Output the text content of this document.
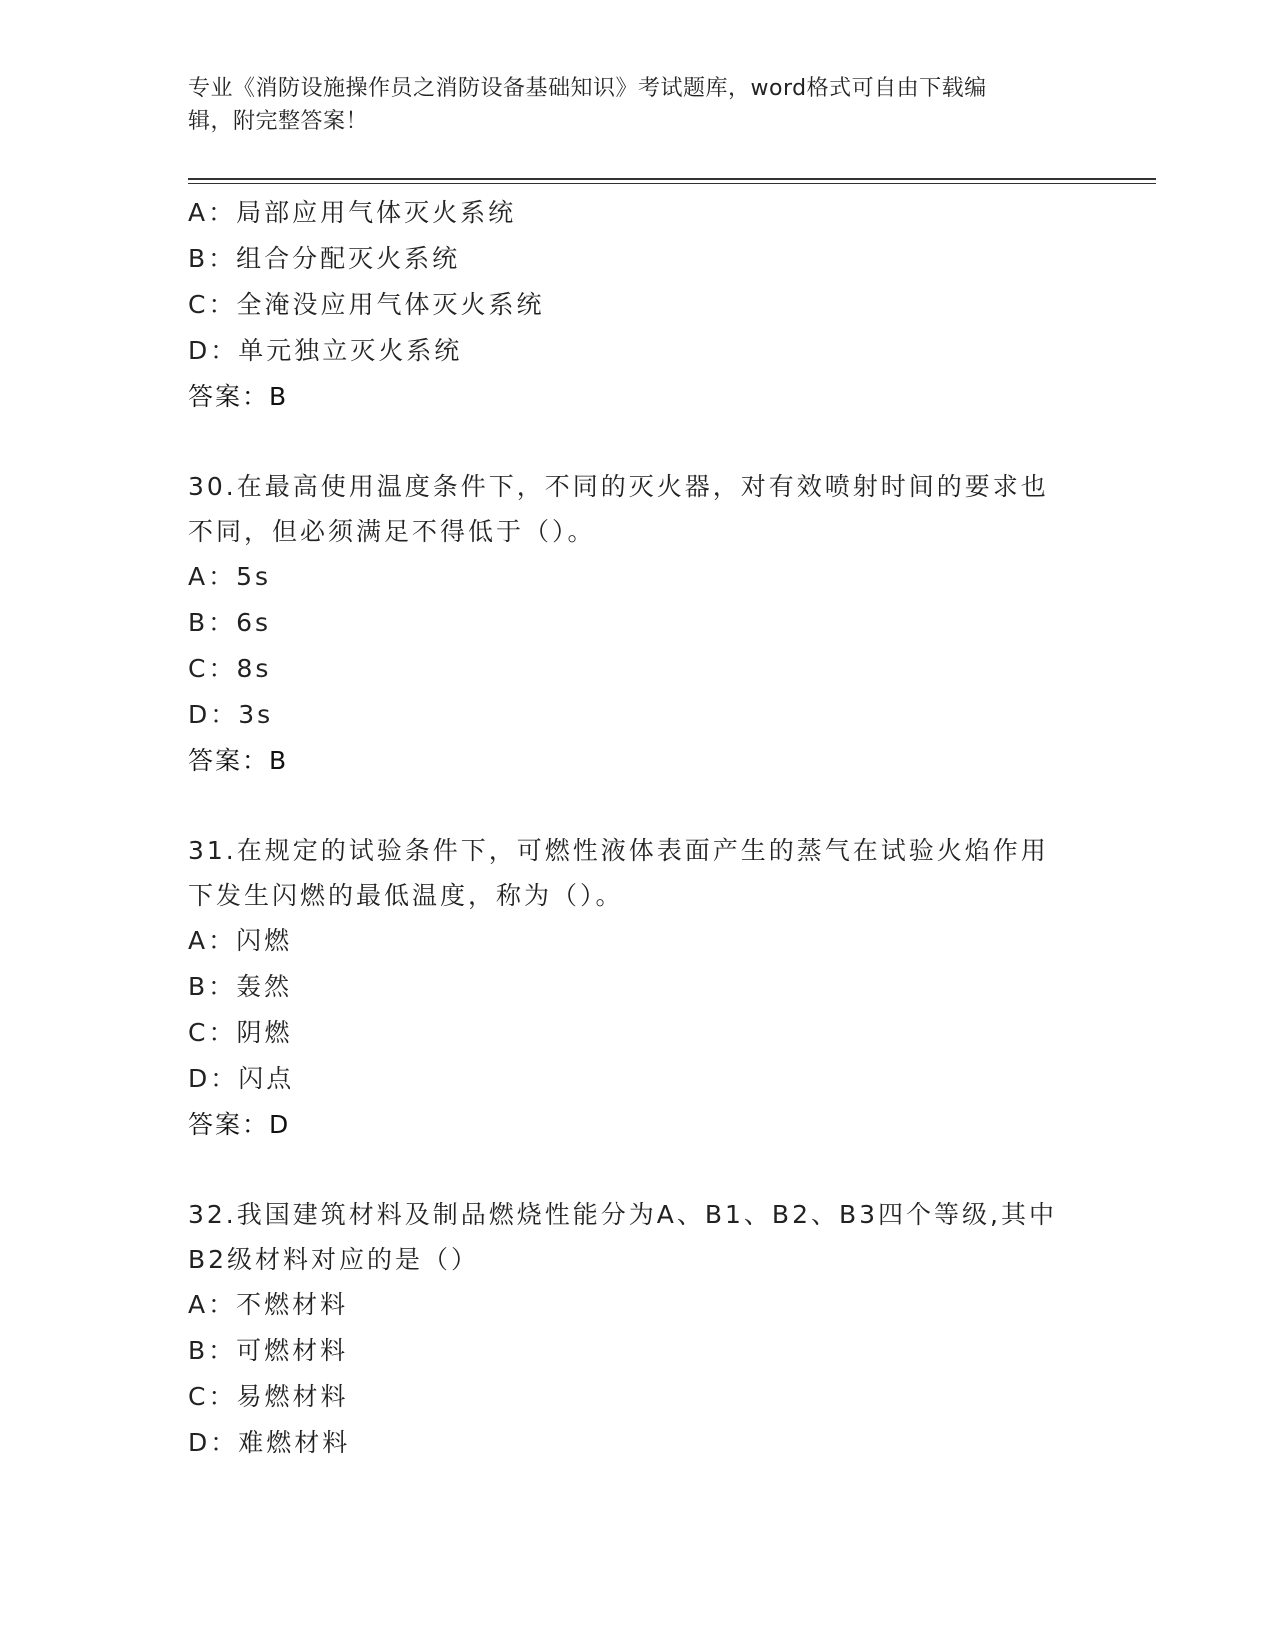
专业《消防设施操作员之消防设备基础知识》考试题库，word格式可自由下载编
辑，附完整答案！
A：局部应用气体灭火系统
B：组合分配灭火系统
C：全淹没应用气体灭火系统
D：单元独立灭火系统
答案：B
30.在最高使用温度条件下，不同的灭火器，对有效喷射时间的要求也
不同，但必须满足不得低于（）。
A：5s
B：6s
C：8s
D：3s
答案：B
31.在规定的试验条件下，可燃性液体表面产生的蒸气在试验火焰作用
下发生闪燃的最低温度，称为（）。
A：闪燃
B：轰然
C：阴燃
D：闪点
答案：D
32.我国建筑材料及制品燃烧性能分为A、B1、B2、B3四个等级,其中
B2级材料对应的是（）
A：不燃材料
B：可燃材料
C：易燃材料
D：难燃材料
